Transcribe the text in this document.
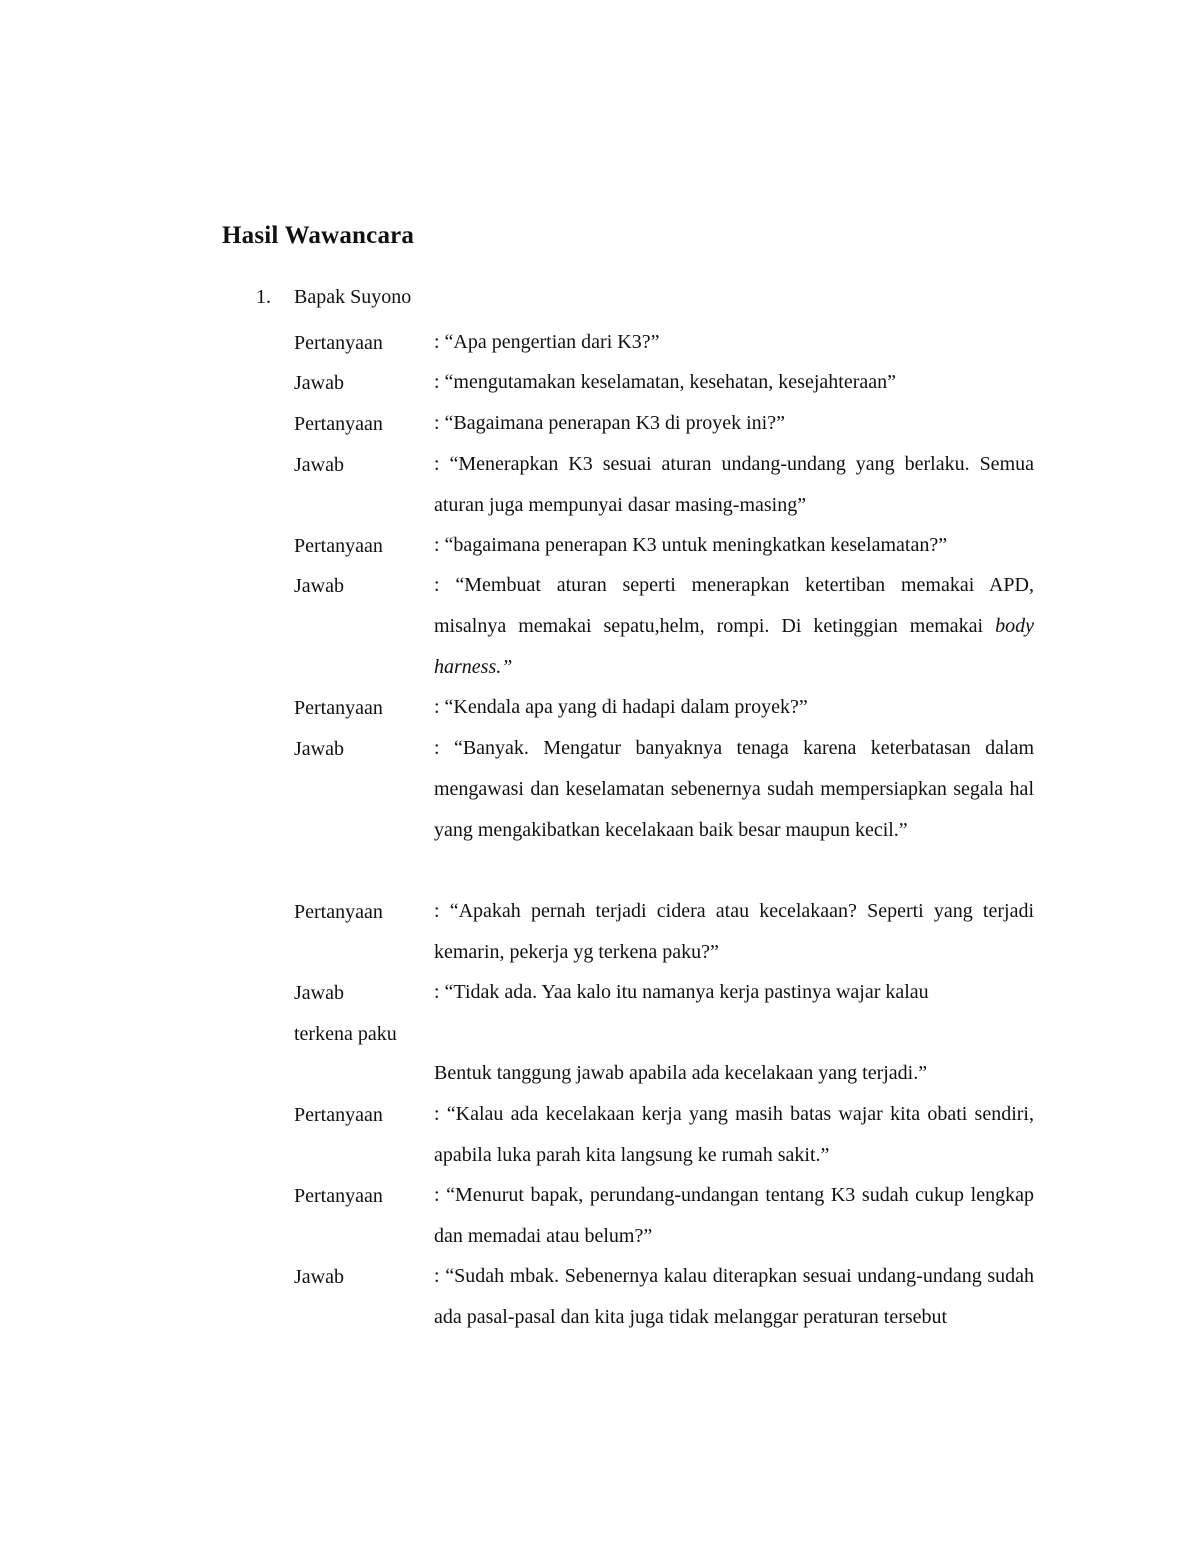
Hasil Wawancara
1. Bapak Suyono
Pertanyaan	: “Apa pengertian dari K3?”
Jawab	: “mengutamakan keselamatan, kesehatan, kesejahteraan”
Pertanyaan	: “Bagaimana penerapan K3 di proyek ini?”
Jawab	: “Menerapkan K3 sesuai aturan undang-undang yang berlaku. Semua aturan juga mempunyai dasar masing-masing”
Pertanyaan	: “bagaimana penerapan K3 untuk meningkatkan keselamatan?”
Jawab	: “Membuat aturan seperti menerapkan ketertiban memakai APD, misalnya memakai sepatu,helm, rompi. Di ketinggian memakai body harness.”
Pertanyaan	: “Kendala apa yang di hadapi dalam proyek?”
Jawab	: “Banyak. Mengatur banyaknya tenaga karena keterbatasan dalam mengawasi dan keselamatan sebenernya sudah mempersiapkan segala hal yang mengakibatkan kecelakaan baik besar maupun kecil.”
Pertanyaan	: “Apakah pernah terjadi cidera atau kecelakaan? Seperti yang terjadi kemarin, pekerja yg terkena paku?”
Jawab	: “Tidak ada. Yaa kalo itu namanya kerja pastinya wajar kalau
terkena paku
Bentuk tanggung jawab apabila ada kecelakaan yang terjadi.”
Pertanyaan	: “Kalau ada kecelakaan kerja yang masih batas wajar kita obati sendiri, apabila luka parah kita langsung ke rumah sakit.”
Pertanyaan	: “Menurut bapak, perundang-undangan tentang K3 sudah cukup lengkap dan memadai atau belum?”
Jawab	: “Sudah mbak. Sebenernya kalau diterapkan sesuai undang-undang sudah ada pasal-pasal dan kita juga tidak melanggar peraturan tersebut
